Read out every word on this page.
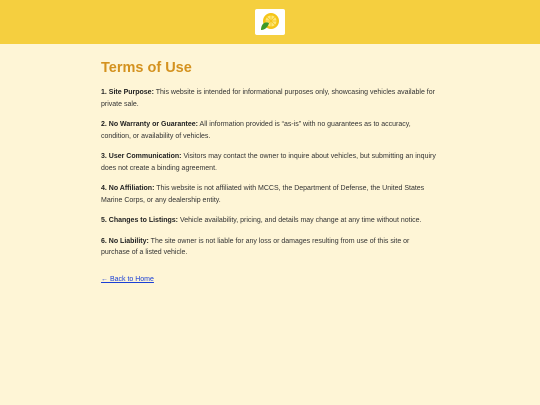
Terms of Use

1. Site Purpose: This website is intended for informational purposes only, showcasing vehicles available for private sale.

2. No Warranty or Guarantee: All information provided is “as-is” with no guarantees as to accuracy, condition, or availability of vehicles.

3. User Communication: Visitors may contact the owner to inquire about vehicles, but submitting an inquiry does not create a binding agreement.

4. No Affiliation: This website is not affiliated with MCCS, the Department of Defense, the United States Marine Corps, or any dealership entity.

5. Changes to Listings: Vehicle availability, pricing, and details may change at any time without notice.

6. No Liability: The site owner is not liable for any loss or damages resulting from use of this site or purchase of a listed vehicle.

← Back to Home
